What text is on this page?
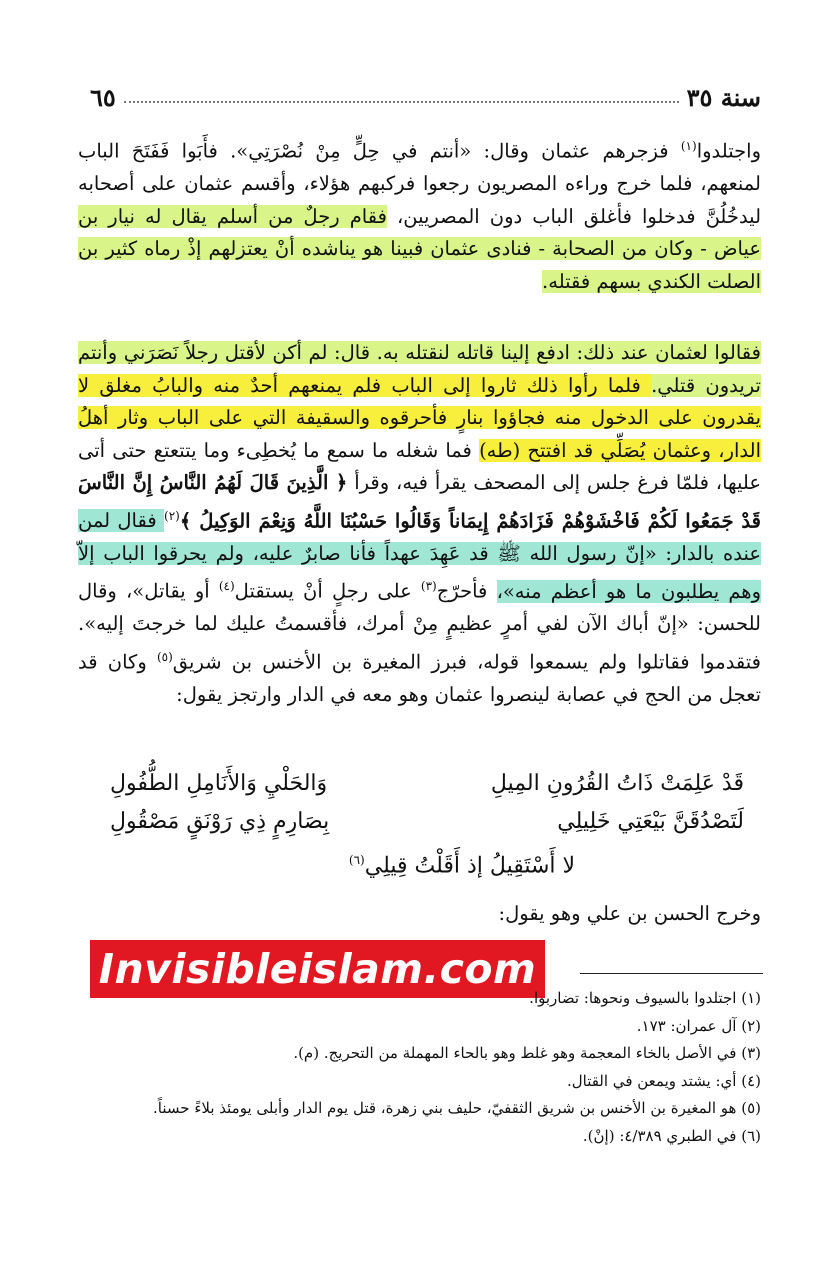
سنة ٣٥
٦٥

واجتلدوا$^{(١)}$ فزجرهم عثمان وقال: «أنتم في حِلٍّ مِنْ نُصْرَتِي». فأَبَوا فَفَتَحَ الباب لمنعهم، فلما خرج وراءه المصريون رجعوا فركبهم هؤلاء، وأقسم عثمان على أصحابه ليدخُلُنَّ فدخلوا فأغلق الباب دون المصريين، فقام رجلٌ من أسلم يقال له نيار بن عياض - وكان من الصحابة - فنادى عثمان فبينا هو يناشده أنْ يعتزلهم إذْ رماه كثير بن الصلت الكندي بسهم فقتله.

فقالوا لعثمان عند ذلك: ادفع إلينا قاتله لنقتله به. قال: لم أكن لأقتل رجلاً نَصَرَني وأنتم تريدون قتلي. فلما رأوا ذلك ثاروا إلى الباب فلم يمنعهم أحدٌ منه والبابُ مغلق لا يقدرون على الدخول منه فجاؤوا بنارٍ فأحرقوه والسقيفة التي على الباب وثار أهلُ الدار، وعثمان يُصَلِّي قد افتتح (طه) فما شغله ما سمع ما يُخطِىء وما يتتعتع حتى أتى عليها، فلمّا فرغ جلس إلى المصحف يقرأ فيه، وقرأ ﴿ الَّذِينَ قَالَ لَهُمُ النَّاسُ إِنَّ النَّاسَ قَدْ جَمَعُوا لَكُمْ فَاخْشَوْهُمْ فَزَادَهُمْ إِيمَاناً وَقَالُوا حَسْبُنَا اللَّهُ وَنِعْمَ الوَكِيلُ ﴾$^{(٢)}$ فقال لمن عنده بالدار: «إنّ رسول الله ﷺ قد عَهِدَ عهداً فأنا صابرٌ عليه، ولم يحرقوا الباب إلاّ وهم يطلبون ما هو أعظم منه»، فأحرّج$^{(٣)}$ على رجلٍ أنْ يستقتل$^{(٤)}$ أو يقاتل»، وقال للحسن: «إنّ أباك الآن لفي أمرٍ عظيمٍ مِنْ أمرك، فأقسمتُ عليك لما خرجتَ إليه». فتقدموا فقاتلوا ولم يسمعوا قوله، فبرز المغيرة بن الأخنس بن شريق$^{(٥)}$ وكان قد تعجل من الحج في عصابة لينصروا عثمان وهو معه في الدار وارتجز يقول:

قَدْ عَلِمَتْ ذَاتُ القُرُونِ المِيلِ
وَالحَلْيِ وَالأَنَامِلِ الطُّفُولِ
لَتَصْدُقَنَّ بَيْعَتِي خَلِيلِي
بِصَارِمٍ ذِي رَوْنَقٍ مَصْقُولِ
لا أَسْتَقِيلُ إذ أَقَلْتُ قِيلِي$^{(٦)}$

وخرج الحسن بن علي وهو يقول:

Invisibleislam.com
(١) اجتلدوا بالسيوف ونحوها: تضاربوا.
(٢) آل عمران: ١٧٣.
(٣) في الأصل بالخاء المعجمة وهو غلط وهو بالحاء المهملة من التحريج. (م).
(٤) أي: يشتد ويمعن في القتال.
(٥) هو المغيرة بن الأخنس بن شريق الثقفيّ، حليف بني زهرة، قتل يوم الدار وأبلى يومئذ بلاءً حسناً.
(٦) في الطبري ٤/٣٨٩: (إنْ).
